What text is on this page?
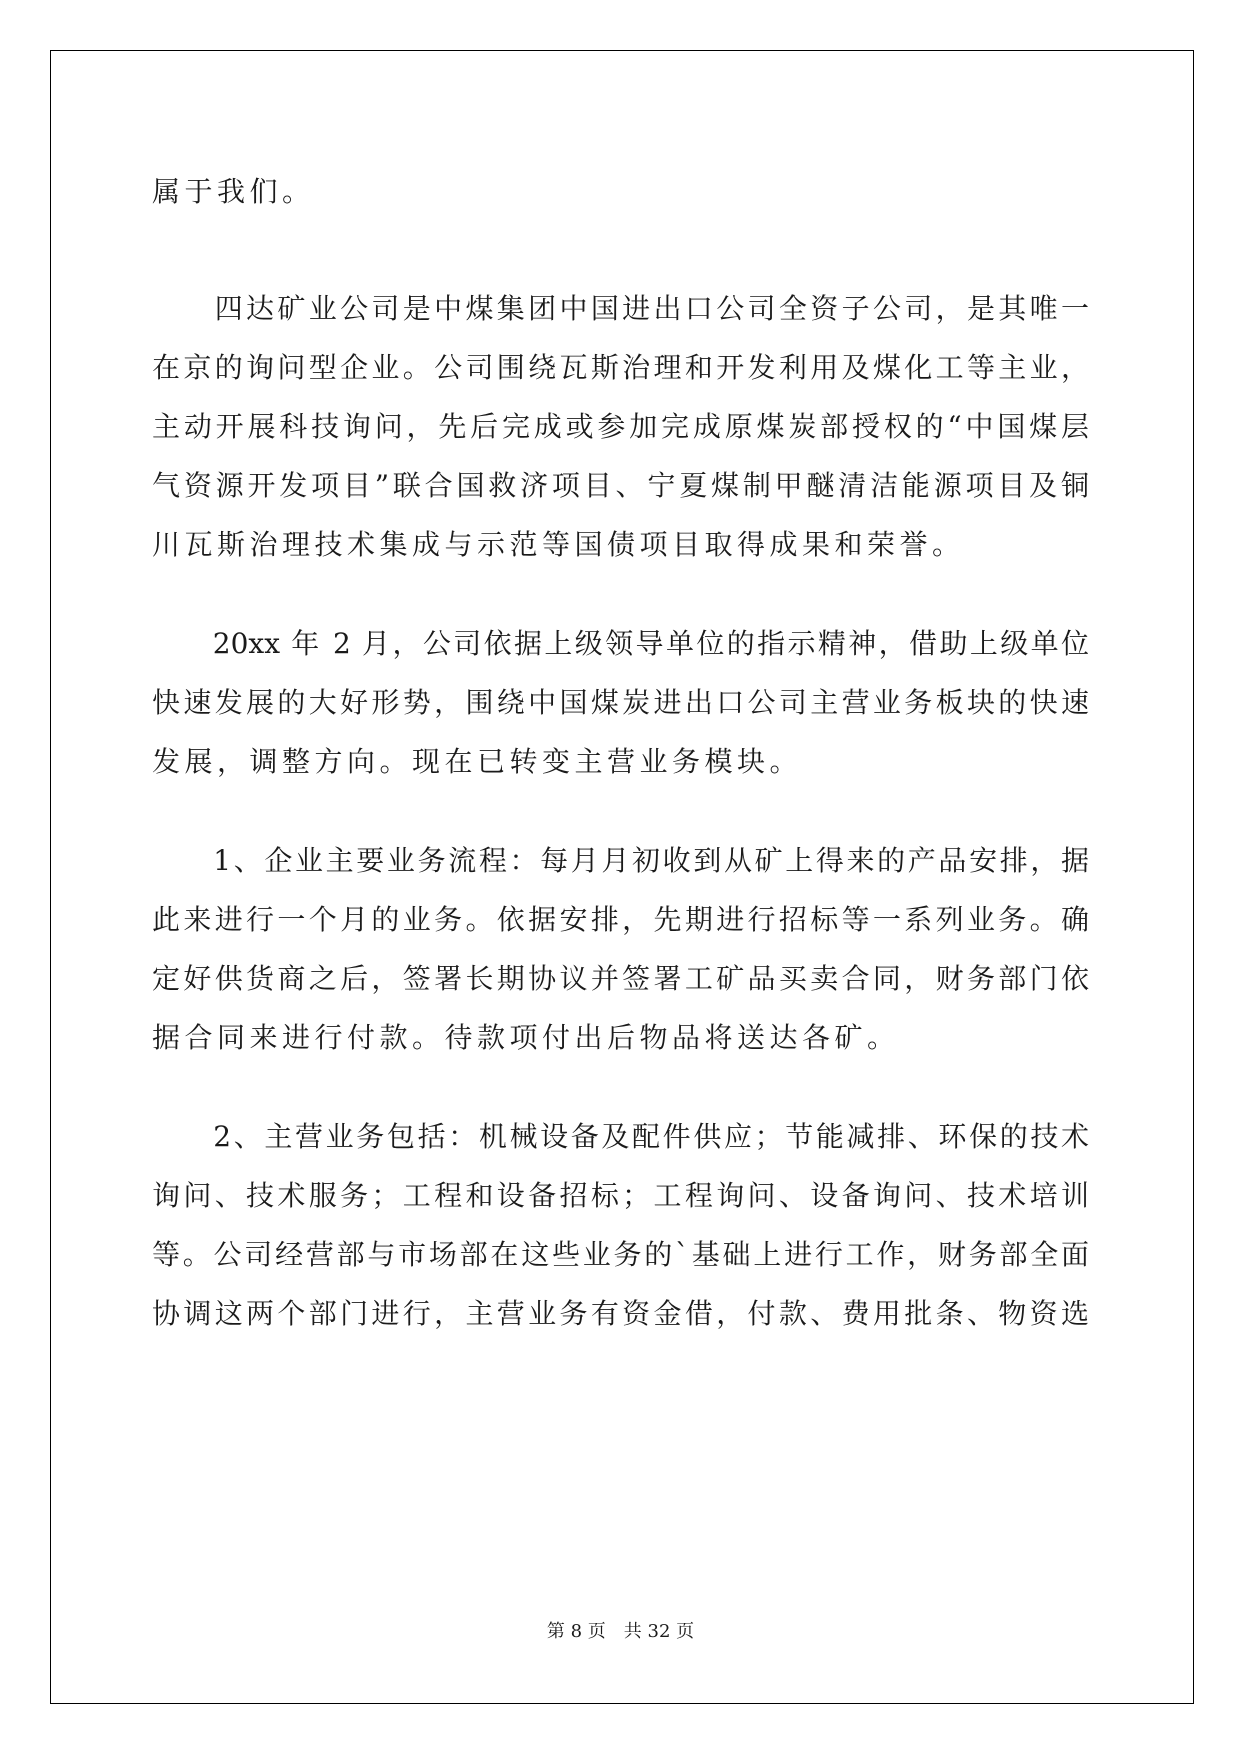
属于我们。
　　四达矿业公司是中煤集团中国进出口公司全资子公司，是其唯一
在京的询问型企业。公司围绕瓦斯治理和开发利用及煤化工等主业，
主动开展科技询问，先后完成或参加完成原煤炭部授权的“中国煤层
气资源开发项目”联合国救济项目、宁夏煤制甲醚清洁能源项目及铜
川瓦斯治理技术集成与示范等国债项目取得成果和荣誉。
　　20xx 年 2 月，公司依据上级领导单位的指示精神，借助上级单位
快速发展的大好形势，围绕中国煤炭进出口公司主营业务板块的快速
发展，调整方向。现在已转变主营业务模块。
　　1、企业主要业务流程：每月月初收到从矿上得来的产品安排，据
此来进行一个月的业务。依据安排，先期进行招标等一系列业务。确
定好供货商之后，签署长期协议并签署工矿品买卖合同，财务部门依
据合同来进行付款。待款项付出后物品将送达各矿。
　　2、主营业务包括：机械设备及配件供应；节能减排、环保的技术
询问、技术服务；工程和设备招标；工程询问、设备询问、技术培训
等。公司经营部与市场部在这些业务的`基础上进行工作，财务部全面
协调这两个部门进行，主营业务有资金借，付款、费用批条、物资选
第 8 页　共 32 页
